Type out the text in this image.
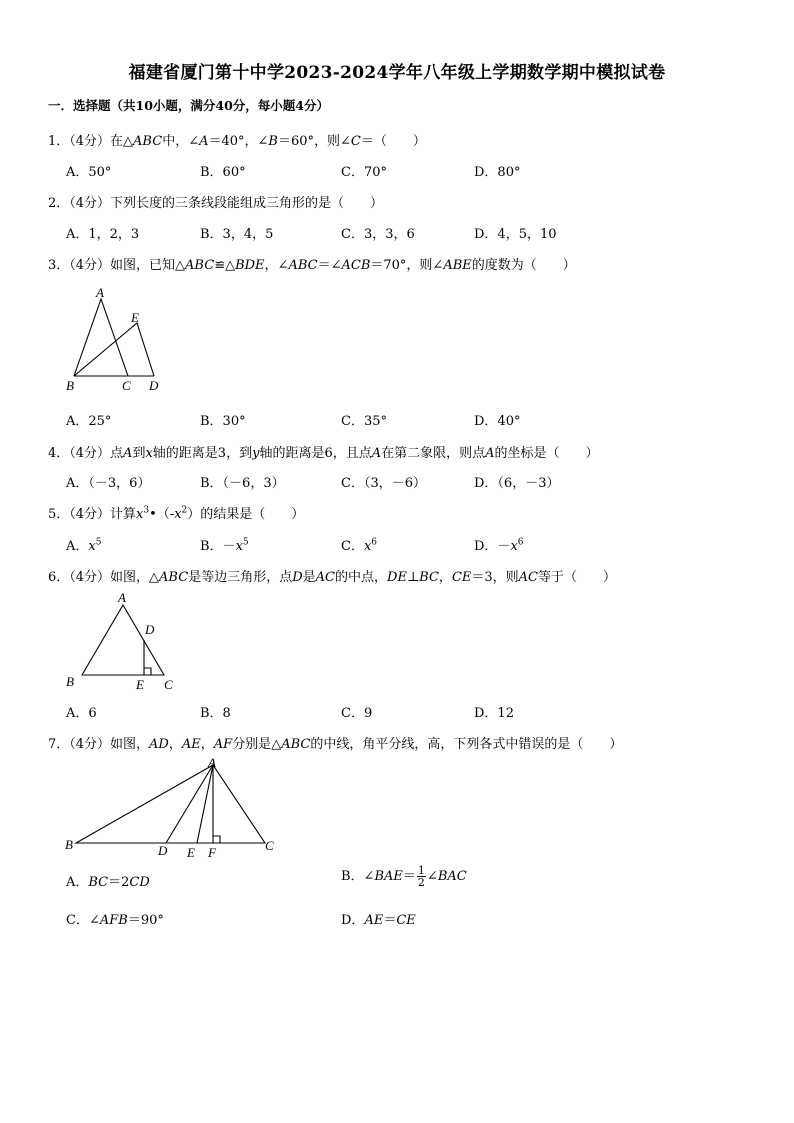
福建省厦门第十中学2023-2024学年八年级上学期数学期中模拟试卷
一．选择题（共10小题，满分40分，每小题4分）
1．（4分）在△ABC中，∠A＝40°，∠B＝60°，则∠C＝（　　）
A．50°	B．60°	C．70°	D．80°
2．（4分）下列长度的三条线段能组成三角形的是（　　）
A．1，2，3	B．3，4，5	C．3，3，6	D．4，5，10
3．（4分）如图，已知△ABC≌△BDE，∠ABC＝∠ACB＝70°，则∠ABE的度数为（　　）
A
E
B	C D
A．25°	B．30°	C．35°	D．40°
4．（4分）点A到x轴的距离是3，到y轴的距离是6，且点A在第二象限，则点A的坐标是（　　）
A．（－3，6）	B．（－6，3）	C．（3，－6）	D．（6，－3）
5．（4分）计算$x^3•(-x^2)$的结果是（　　）
A．$x^5$	B．$-x^5$	C．$x^6$	D．$-x^6$
6．（4分）如图，△ABC是等边三角形，点D是AC的中点，DE⊥BC，CE＝3，则AC等于（　　）
A
D
B	E C
A．6	B．8	C．9	D．12
7．（4分）如图，AD，AE，AF分别是△ABC的中线，角平分线，高，下列各式中错误的是（　　）
A
B	D E F	C
A．BC＝2CD	B．∠BAE＝ $\frac{1}{2}$ ∠BAC
C．∠AFB＝90°	D．AE＝CE
